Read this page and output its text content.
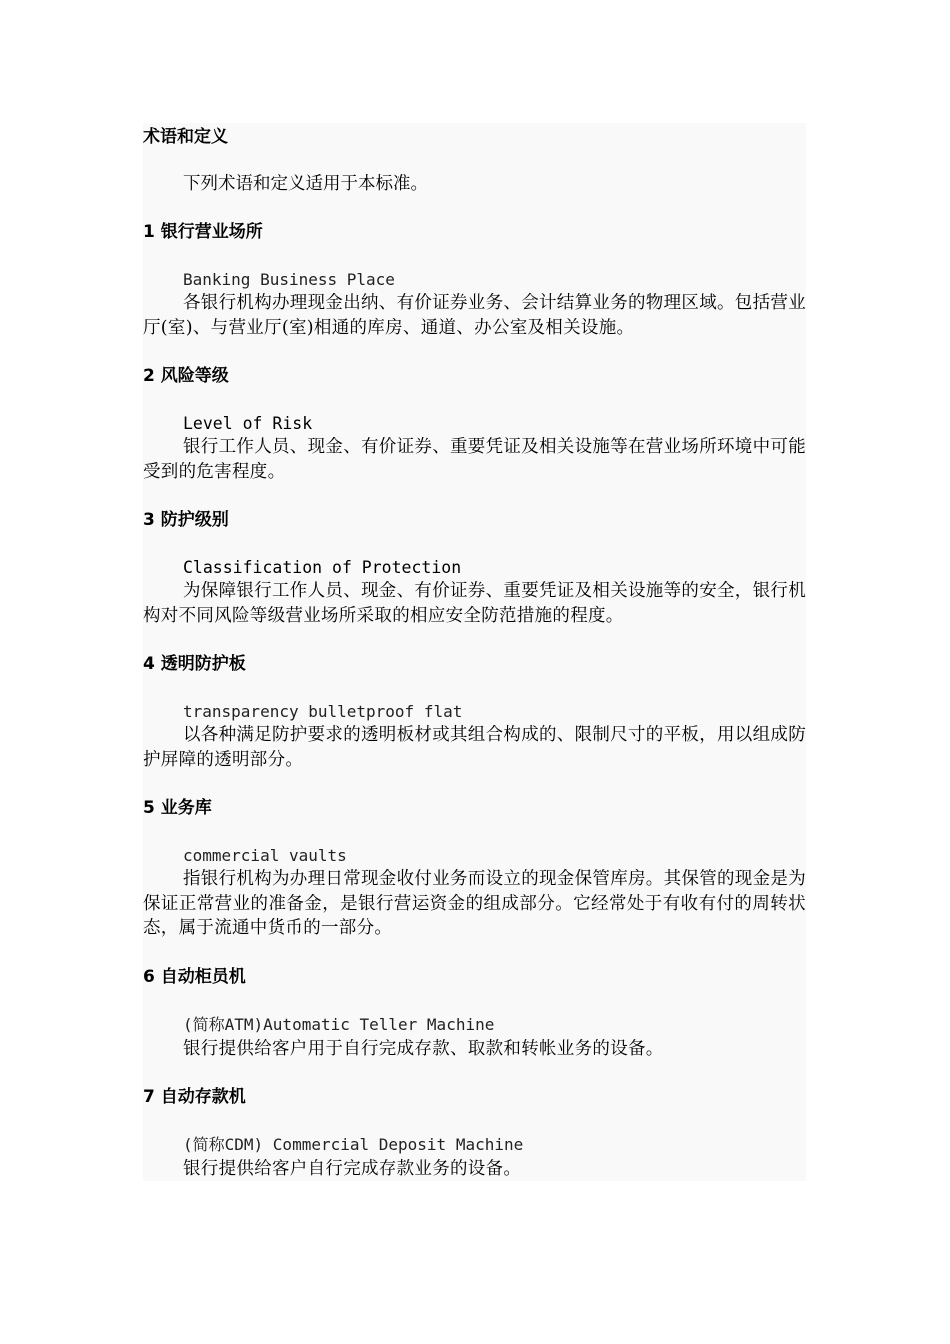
术语和定义
下列术语和定义适用于本标准。
1 银行营业场所
Banking Business Place
各银行机构办理现金出纳、有价证券业务、会计结算业务的物理区域。包括营业厅(室)、与营业厅(室)相通的库房、通道、办公室及相关设施。
2 风险等级
Level of Risk
银行工作人员、现金、有价证券、重要凭证及相关设施等在营业场所环境中可能受到的危害程度。
3 防护级别
Classification of Protection
为保障银行工作人员、现金、有价证券、重要凭证及相关设施等的安全，银行机构对不同风险等级营业场所采取的相应安全防范措施的程度。
4 透明防护板
transparency bulletproof flat
以各种满足防护要求的透明板材或其组合构成的、限制尺寸的平板，用以组成防护屏障的透明部分。
5 业务库
commercial vaults
指银行机构为办理日常现金收付业务而设立的现金保管库房。其保管的现金是为保证正常营业的准备金，是银行营运资金的组成部分。它经常处于有收有付的周转状态，属于流通中货币的一部分。
6 自动柜员机
(简称ATM)Automatic Teller Machine
银行提供给客户用于自行完成存款、取款和转帐业务的设备。
7 自动存款机
(简称CDM) Commercial Deposit Machine
银行提供给客户自行完成存款业务的设备。
